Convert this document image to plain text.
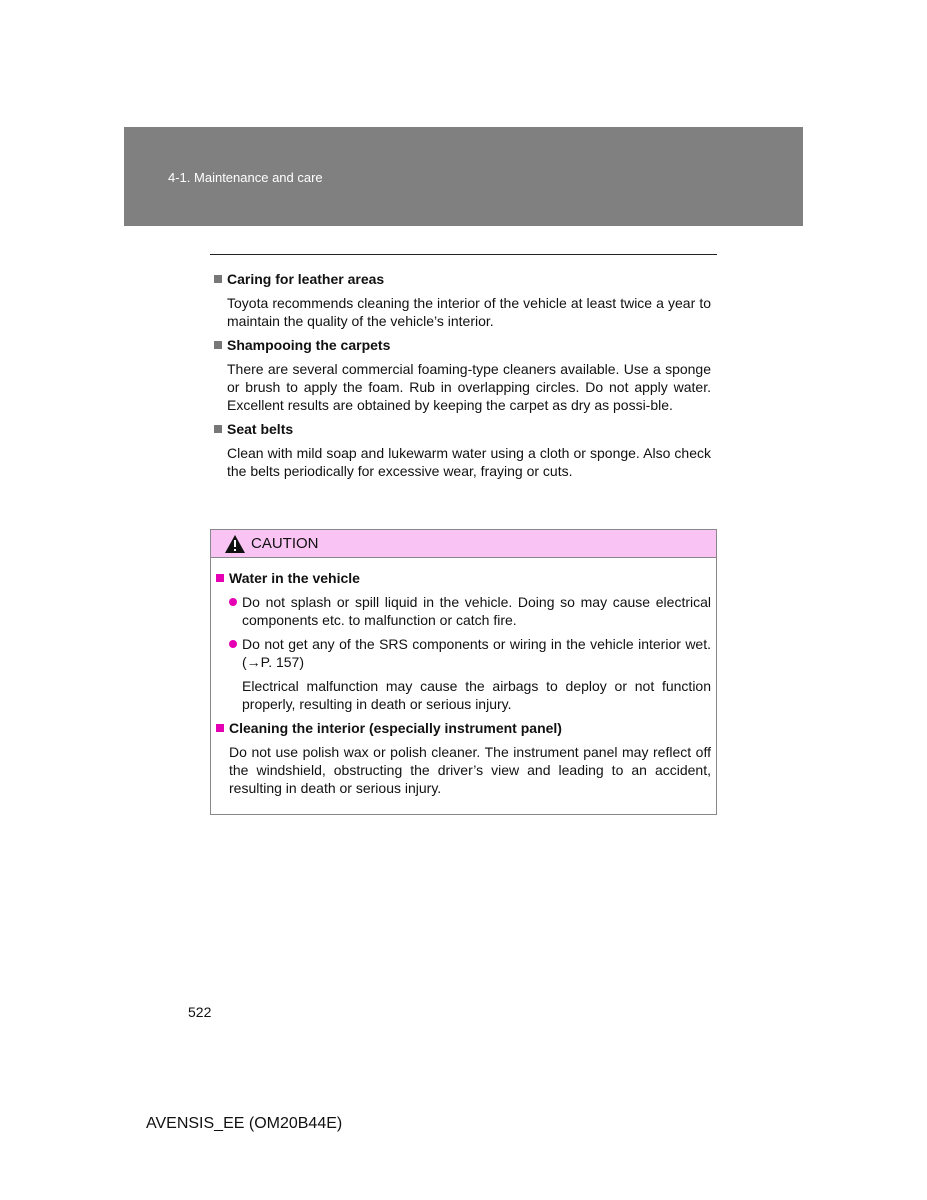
4-1. Maintenance and care
Caring for leather areas
Toyota recommends cleaning the interior of the vehicle at least twice a year to maintain the quality of the vehicle’s interior.
Shampooing the carpets
There are several commercial foaming-type cleaners available. Use a sponge or brush to apply the foam. Rub in overlapping circles. Do not apply water. Excellent results are obtained by keeping the carpet as dry as possi-ble.
Seat belts
Clean with mild soap and lukewarm water using a cloth or sponge. Also check the belts periodically for excessive wear, fraying or cuts.
CAUTION
Water in the vehicle
Do not splash or spill liquid in the vehicle. Doing so may cause electrical components etc. to malfunction or catch fire.
Do not get any of the SRS components or wiring in the vehicle interior wet. (→P. 157)
Electrical malfunction may cause the airbags to deploy or not function properly, resulting in death or serious injury.
Cleaning the interior (especially instrument panel)
Do not use polish wax or polish cleaner. The instrument panel may reflect off the windshield, obstructing the driver’s view and leading to an accident, resulting in death or serious injury.
522
AVENSIS_EE (OM20B44E)
